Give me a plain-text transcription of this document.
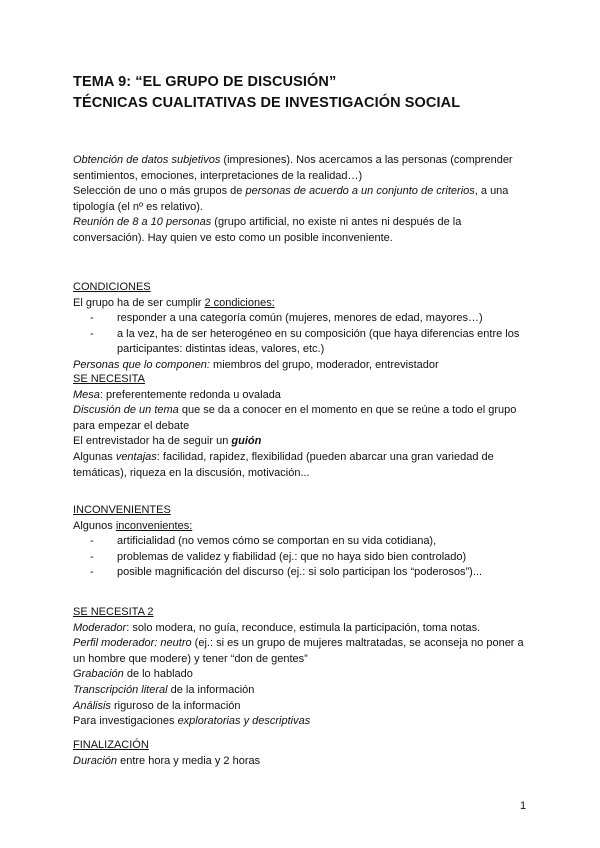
TEMA 9: “EL GRUPO DE DISCUSIÓN”
TÉCNICAS CUALITATIVAS DE INVESTIGACIÓN SOCIAL

Obtención de datos subjetivos (impresiones). Nos acercamos a las personas (comprender sentimientos, emociones, interpretaciones de la realidad…)

Selección de uno o más grupos de personas de acuerdo a un conjunto de criterios, a una tipología (el nº es relativo).

Reunión de 8 a 10 personas (grupo artificial, no existe ni antes ni después de la conversación). Hay quien ve esto como un posible inconveniente.

CONDICIONES

El grupo ha de ser cumplir 2 condiciones:

- responder a una categoría común (mujeres, menores de edad, mayores…)
- a la vez, ha de ser heterogéneo en su composición (que haya diferencias entre los participantes: distintas ideas, valores, etc.)

Personas que lo componen: miembros del grupo, moderador, entrevistador

SE NECESITA

Mesa: preferentemente redonda u ovalada

Discusión de un tema que se da a conocer en el momento en que se reúne a todo el grupo para empezar el debate

El entrevistador ha de seguir un guión

Algunas ventajas: facilidad, rapidez, flexibilidad (pueden abarcar una gran variedad de temáticas), riqueza en la discusión, motivación...

INCONVENIENTES

Algunos inconvenientes:

- artificialidad (no vemos cómo se comportan en su vida cotidiana),
- problemas de validez y fiabilidad (ej.: que no haya sido bien controlado)
- posible magnificación del discurso (ej.: si solo participan los “poderosos”)...

SE NECESITA 2

Moderador: solo modera, no guía, reconduce, estimula la participación, toma notas.

Perfil moderador: neutro (ej.: si es un grupo de mujeres maltratadas, se aconseja no poner a un hombre que modere) y tener “don de gentes”

Grabación de lo hablado

Transcripción literal de la información

Análisis riguroso de la información

Para investigaciones exploratorias y descriptivas

FINALIZACIÓN

Duración entre hora y media y 2 horas

1
